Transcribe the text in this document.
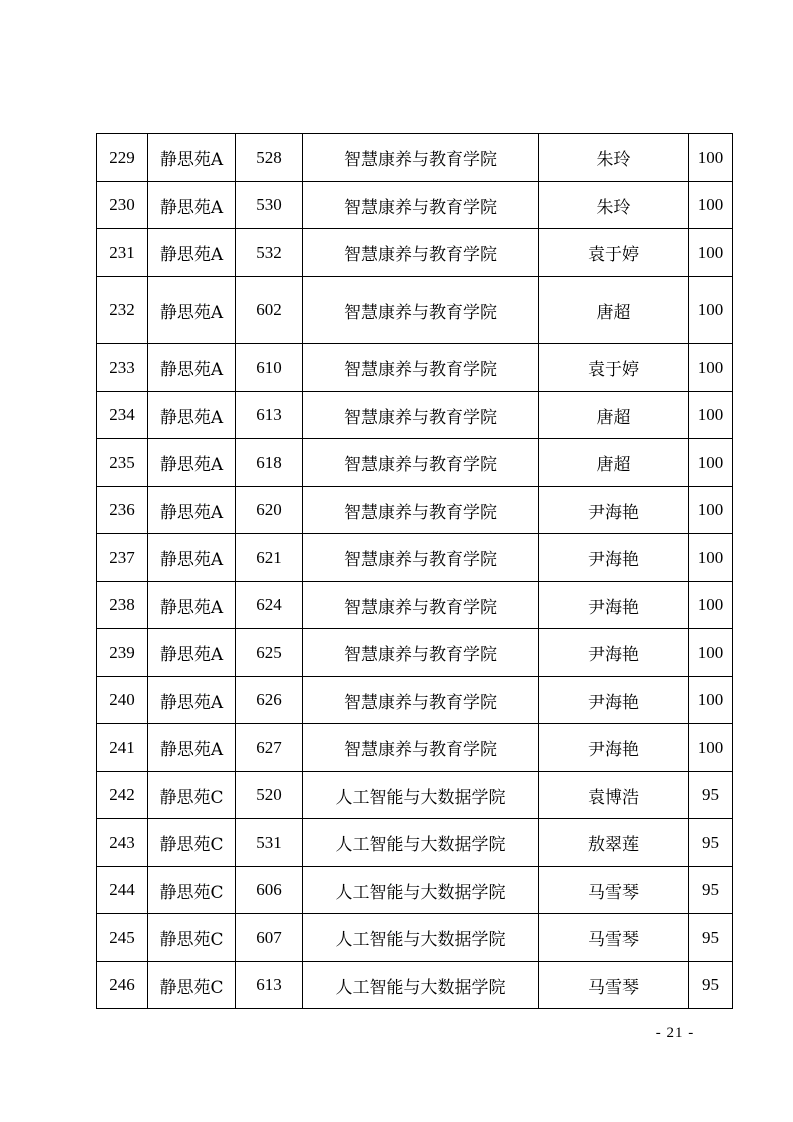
229	静思苑A	528	智慧康养与教育学院	朱玲	100
230	静思苑A	530	智慧康养与教育学院	朱玲	100
231	静思苑A	532	智慧康养与教育学院	袁于婷	100
232	静思苑A	602	智慧康养与教育学院	唐超	100
233	静思苑A	610	智慧康养与教育学院	袁于婷	100
234	静思苑A	613	智慧康养与教育学院	唐超	100
235	静思苑A	618	智慧康养与教育学院	唐超	100
236	静思苑A	620	智慧康养与教育学院	尹海艳	100
237	静思苑A	621	智慧康养与教育学院	尹海艳	100
238	静思苑A	624	智慧康养与教育学院	尹海艳	100
239	静思苑A	625	智慧康养与教育学院	尹海艳	100
240	静思苑A	626	智慧康养与教育学院	尹海艳	100
241	静思苑A	627	智慧康养与教育学院	尹海艳	100
242	静思苑C	520	人工智能与大数据学院	袁博浩	95
243	静思苑C	531	人工智能与大数据学院	敖翠莲	95
244	静思苑C	606	人工智能与大数据学院	马雪琴	95
245	静思苑C	607	人工智能与大数据学院	马雪琴	95
246	静思苑C	613	人工智能与大数据学院	马雪琴	95
- 21 -
